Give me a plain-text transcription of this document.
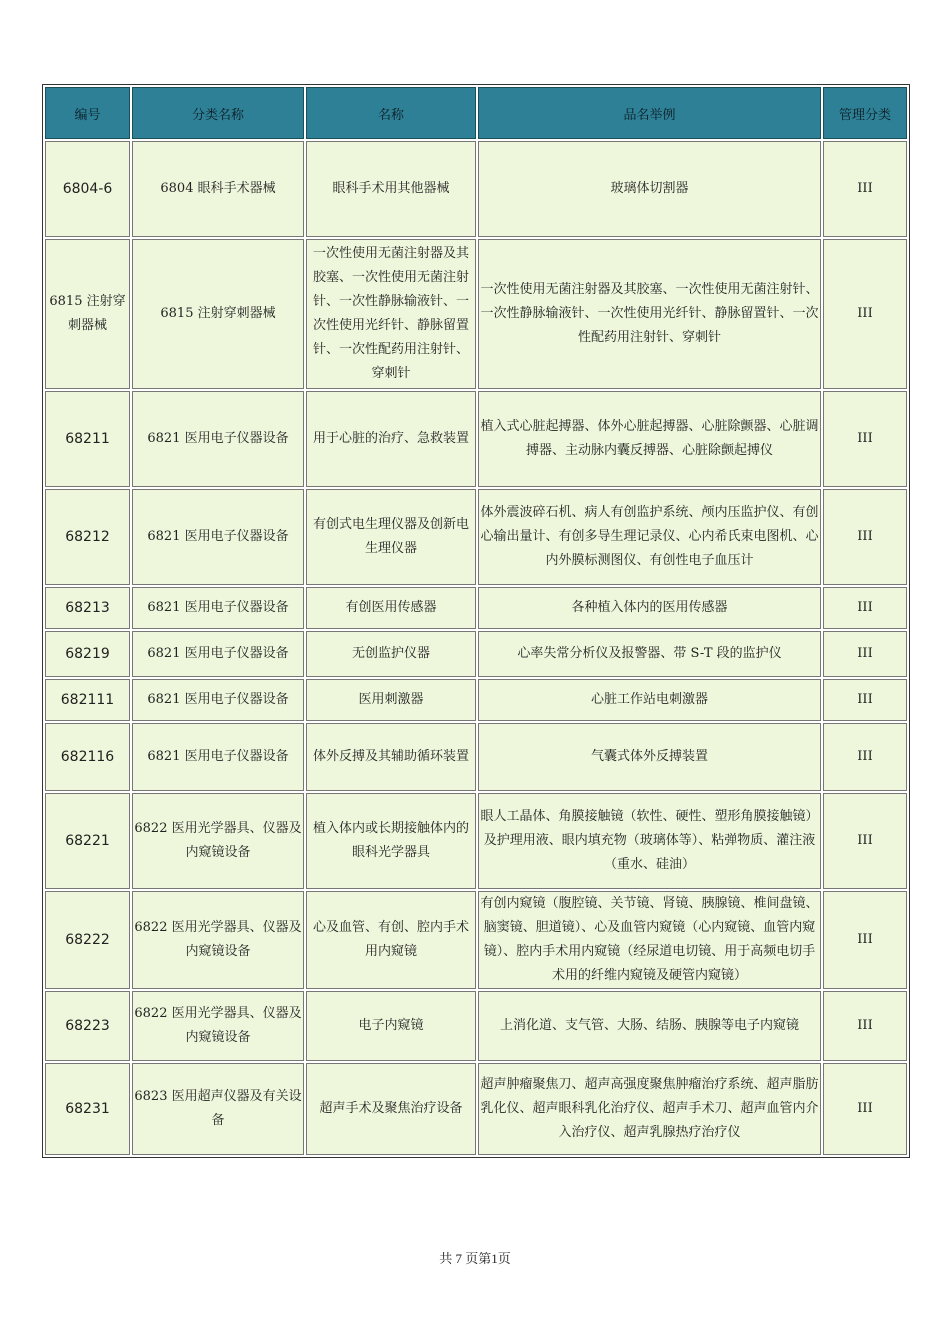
编号	分类名称	名称	品名举例	管理分类
6804-6	6804 眼科手术器械	眼科手术用其他器械	玻璃体切割器	III
6815 注射穿刺器械	6815 注射穿刺器械	一次性使用无菌注射器及其胶塞、一次性使用无菌注射针、一次性静脉输液针、一次性使用光纤针、静脉留置针、一次性配药用注射针、穿刺针	一次性使用无菌注射器及其胶塞、一次性使用无菌注射针、一次性静脉输液针、一次性使用光纤针、静脉留置针、一次性配药用注射针、穿刺针	III
68211	6821 医用电子仪器设备	用于心脏的治疗、急救装置	植入式心脏起搏器、体外心脏起搏器、心脏除颤器、心脏调搏器、主动脉内囊反搏器、心脏除颤起搏仪	III
68212	6821 医用电子仪器设备	有创式电生理仪器及创新电生理仪器	体外震波碎石机、病人有创监护系统、颅内压监护仪、有创心输出量计、有创多导生理记录仪、心内希氏束电图机、心内外膜标测图仪、有创性电子血压计	III
68213	6821 医用电子仪器设备	有创医用传感器	各种植入体内的医用传感器	III
68219	6821 医用电子仪器设备	无创监护仪器	心率失常分析仪及报警器、带 S-T 段的监护仪	III
682111	6821 医用电子仪器设备	医用刺激器	心脏工作站电刺激器	III
682116	6821 医用电子仪器设备	体外反搏及其辅助循环装置	气囊式体外反搏装置	III
68221	6822 医用光学器具、仪器及内窥镜设备	植入体内或长期接触体内的眼科光学器具	眼人工晶体、角膜接触镜（软性、硬性、塑形角膜接触镜）及护理用液、眼内填充物（玻璃体等）、粘弹物质、灌注液（重水、硅油）	III
68222	6822 医用光学器具、仪器及内窥镜设备	心及血管、有创、腔内手术用内窥镜	有创内窥镜（腹腔镜、关节镜、肾镜、胰腺镜、椎间盘镜、脑窦镜、胆道镜）、心及血管内窥镜（心内窥镜、血管内窥镜）、腔内手术用内窥镜（经尿道电切镜、用于高频电切手术用的纤维内窥镜及硬管内窥镜）	III
68223	6822 医用光学器具、仪器及内窥镜设备	电子内窥镜	上消化道、支气管、大肠、结肠、胰腺等电子内窥镜	III
68231	6823 医用超声仪器及有关设备	超声手术及聚焦治疗设备	超声肿瘤聚焦刀、超声高强度聚焦肿瘤治疗系统、超声脂肪乳化仪、超声眼科乳化治疗仪、超声手术刀、超声血管内介入治疗仪、超声乳腺热疗治疗仪	III
共 7 页第1页
